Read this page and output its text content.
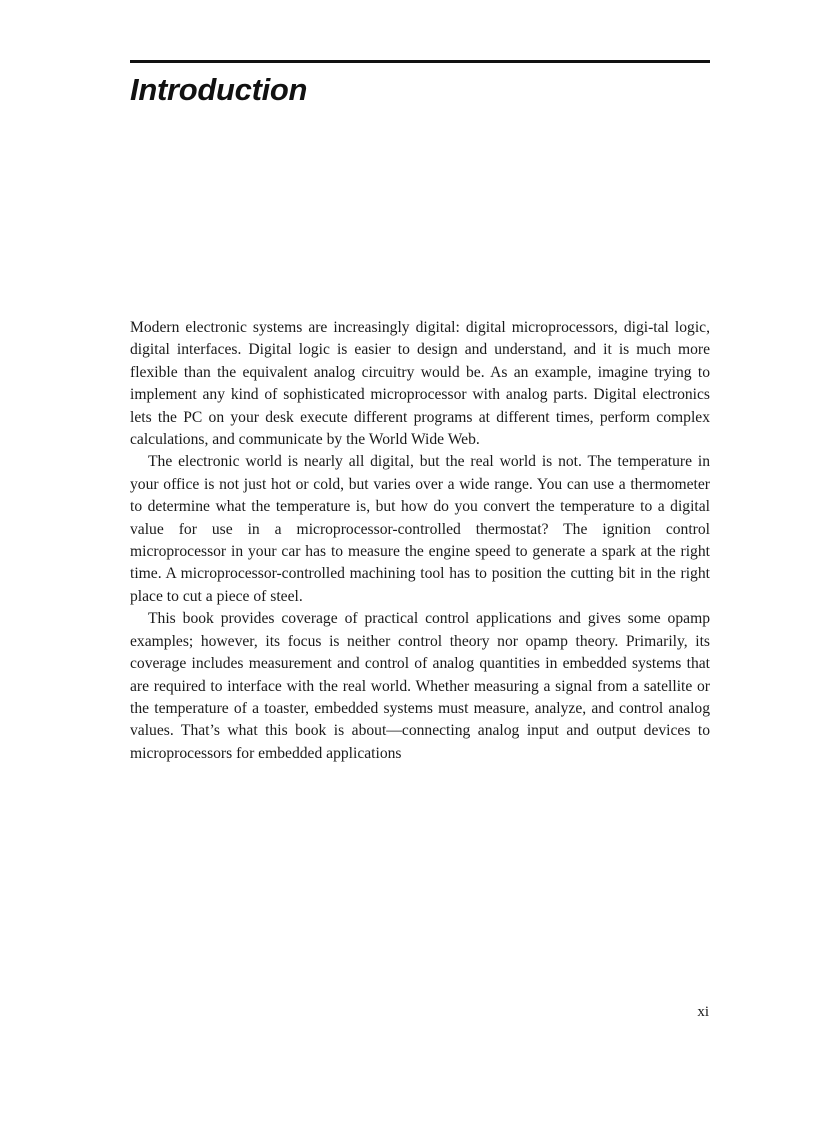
Introduction

Modern electronic systems are increasingly digital: digital microprocessors, digi-tal logic, digital interfaces. Digital logic is easier to design and understand, and it is much more flexible than the equivalent analog circuitry would be. As an example, imagine trying to implement any kind of sophisticated microprocessor with analog parts. Digital electronics lets the PC on your desk execute different programs at different times, perform complex calculations, and communicate by the World Wide Web.

The electronic world is nearly all digital, but the real world is not. The temperature in your office is not just hot or cold, but varies over a wide range. You can use a thermometer to determine what the temperature is, but how do you convert the temperature to a digital value for use in a microprocessor-controlled thermostat? The ignition control microprocessor in your car has to measure the engine speed to generate a spark at the right time. A microprocessor-controlled machining tool has to position the cutting bit in the right place to cut a piece of steel.

This book provides coverage of practical control applications and gives some opamp examples; however, its focus is neither control theory nor opamp theory. Primarily, its coverage includes measurement and control of analog quantities in embedded systems that are required to interface with the real world. Whether measuring a signal from a satellite or the temperature of a toaster, embedded systems must measure, analyze, and control analog values. That’s what this book is about—connecting analog input and output devices to microprocessors for embedded applications

xi
